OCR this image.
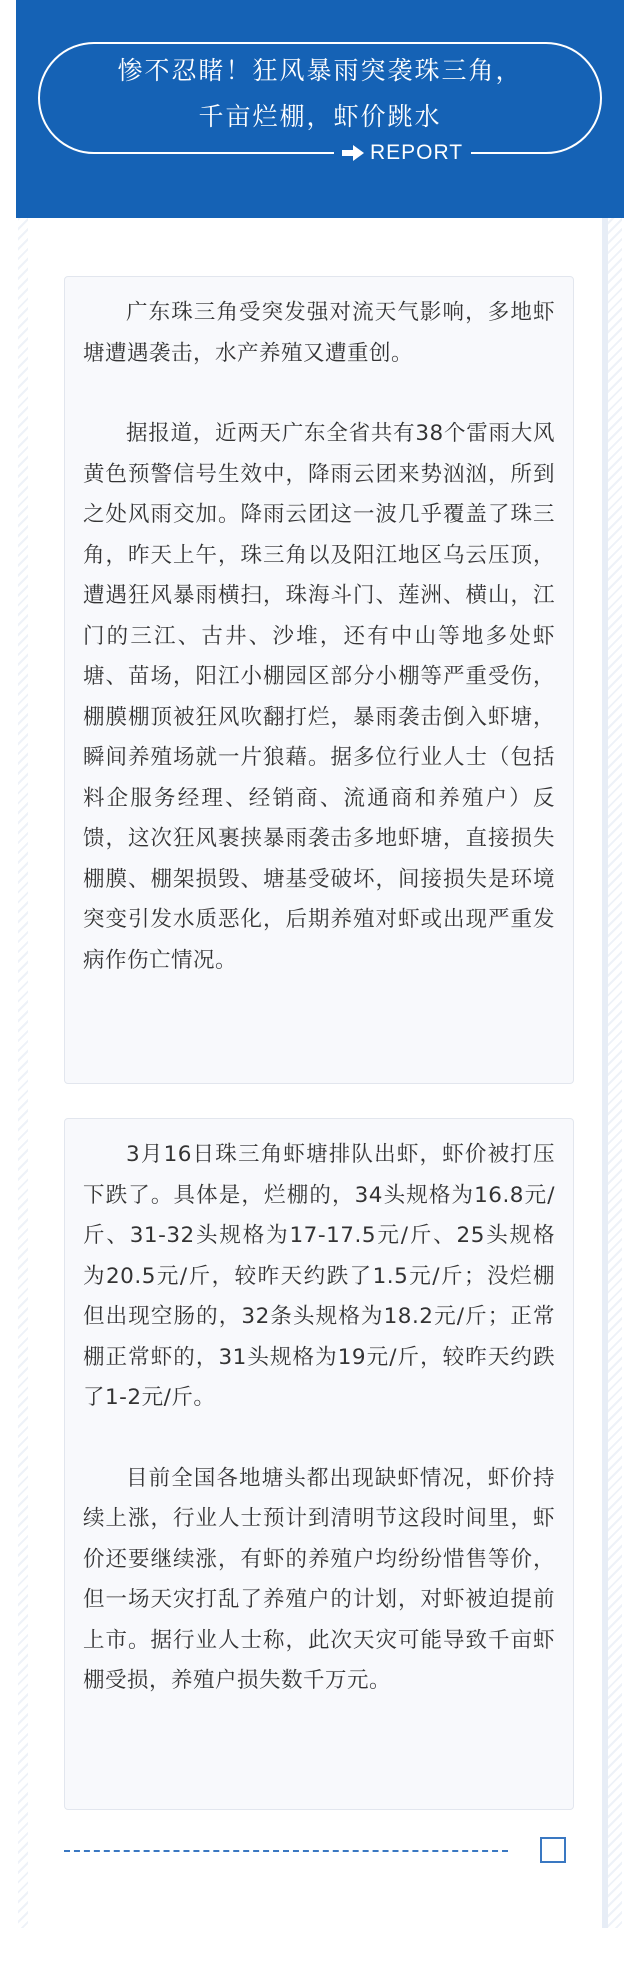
惨不忍睹！狂风暴雨突袭珠三角，
千亩烂棚，虾价跳水
REPORT

广东珠三角受突发强对流天气影响，多地虾塘遭遇袭击，水产养殖又遭重创。

据报道，近两天广东全省共有38个雷雨大风黄色预警信号生效中，降雨云团来势汹汹，所到之处风雨交加。降雨云团这一波几乎覆盖了珠三角，昨天上午，珠三角以及阳江地区乌云压顶，遭遇狂风暴雨横扫，珠海斗门、莲洲、横山，江门的三江、古井、沙堆，还有中山等地多处虾塘、苗场，阳江小棚园区部分小棚等严重受伤，棚膜棚顶被狂风吹翻打烂，暴雨袭击倒入虾塘，瞬间养殖场就一片狼藉。据多位行业人士（包括料企服务经理、经销商、流通商和养殖户）反馈，这次狂风裹挟暴雨袭击多地虾塘，直接损失棚膜、棚架损毁、塘基受破坏，间接损失是环境突变引发水质恶化，后期养殖对虾或出现严重发病作伤亡情况。

3月16日珠三角虾塘排队出虾，虾价被打压下跌了。具体是，烂棚的，34头规格为16.8元/斤、31-32头规格为17-17.5元/斤、25头规格为20.5元/斤，较昨天约跌了1.5元/斤；没烂棚但出现空肠的，32条头规格为18.2元/斤；正常棚正常虾的，31头规格为19元/斤，较昨天约跌了1-2元/斤。

目前全国各地塘头都出现缺虾情况，虾价持续上涨，行业人士预计到清明节这段时间里，虾价还要继续涨，有虾的养殖户均纷纷惜售等价，但一场天灾打乱了养殖户的计划，对虾被迫提前上市。据行业人士称，此次天灾可能导致千亩虾棚受损，养殖户损失数千万元。
